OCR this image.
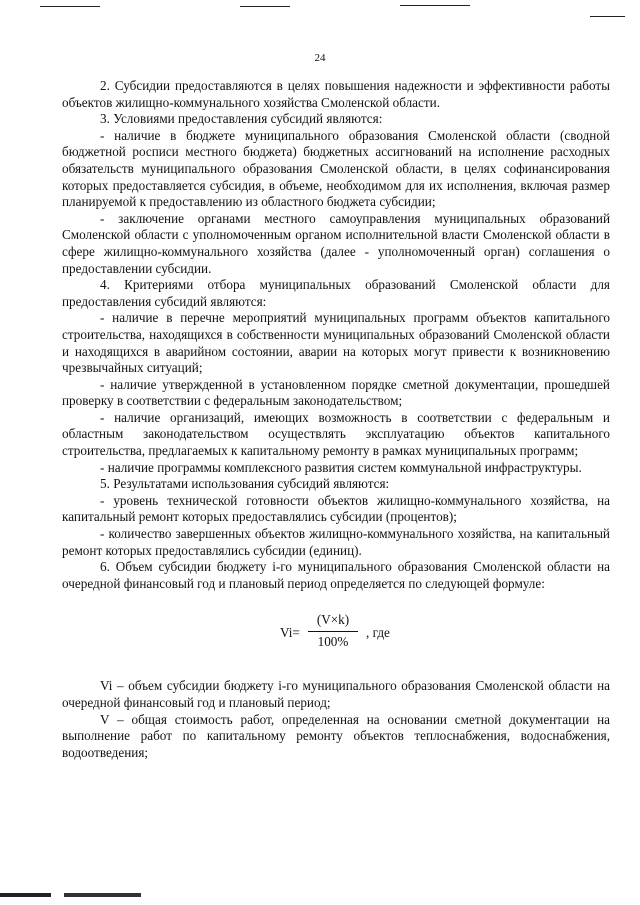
24

2. Субсидии предоставляются в целях повышения надежности и эффективности работы объектов жилищно-коммунального хозяйства Смоленской области.

3. Условиями предоставления субсидий являются:

- наличие в бюджете муниципального образования Смоленской области (сводной бюджетной росписи местного бюджета) бюджетных ассигнований на исполнение расходных обязательств муниципального образования Смоленской области, в целях софинансирования которых предоставляется субсидия, в объеме, необходимом для их исполнения, включая размер планируемой к предоставлению из областного бюджета субсидии;

- заключение органами местного самоуправления муниципальных образований Смоленской области с уполномоченным органом исполнительной власти Смоленской области в сфере жилищно-коммунального хозяйства (далее - уполномоченный орган) соглашения о предоставлении субсидии.

4. Критериями отбора муниципальных образований Смоленской области для предоставления субсидий являются:

- наличие в перечне мероприятий муниципальных программ объектов капитального строительства, находящихся в собственности муниципальных образований Смоленской области и находящихся в аварийном состоянии, аварии на которых могут привести к возникновению чрезвычайных ситуаций;

- наличие утвержденной в установленном порядке сметной документации, прошедшей проверку в соответствии с федеральным законодательством;

- наличие организаций, имеющих возможность в соответствии с федеральным и областным законодательством осуществлять эксплуатацию объектов капитального строительства, предлагаемых к капитальному ремонту в рамках муниципальных программ;

- наличие программы комплексного развития систем коммунальной инфраструктуры.

5. Результатами использования субсидий являются:

- уровень технической готовности объектов жилищно-коммунального хозяйства, на капитальный ремонт которых предоставлялись субсидии (процентов);

- количество завершенных объектов жилищно-коммунального хозяйства, на капитальный ремонт которых предоставлялись субсидии (единиц).

6. Объем субсидии бюджету i-го муниципального образования Смоленской области на очередной финансовый год и плановый период определяется по следующей формуле:

Vi=
(V×k)
100%
, где

Vi – объем субсидии бюджету i-го муниципального образования Смоленской области на очередной финансовый год и плановый период;

V – общая стоимость работ, определенная на основании сметной документации на выполнение работ по капитальному ремонту объектов теплоснабжения, водоснабжения, водоотведения;
